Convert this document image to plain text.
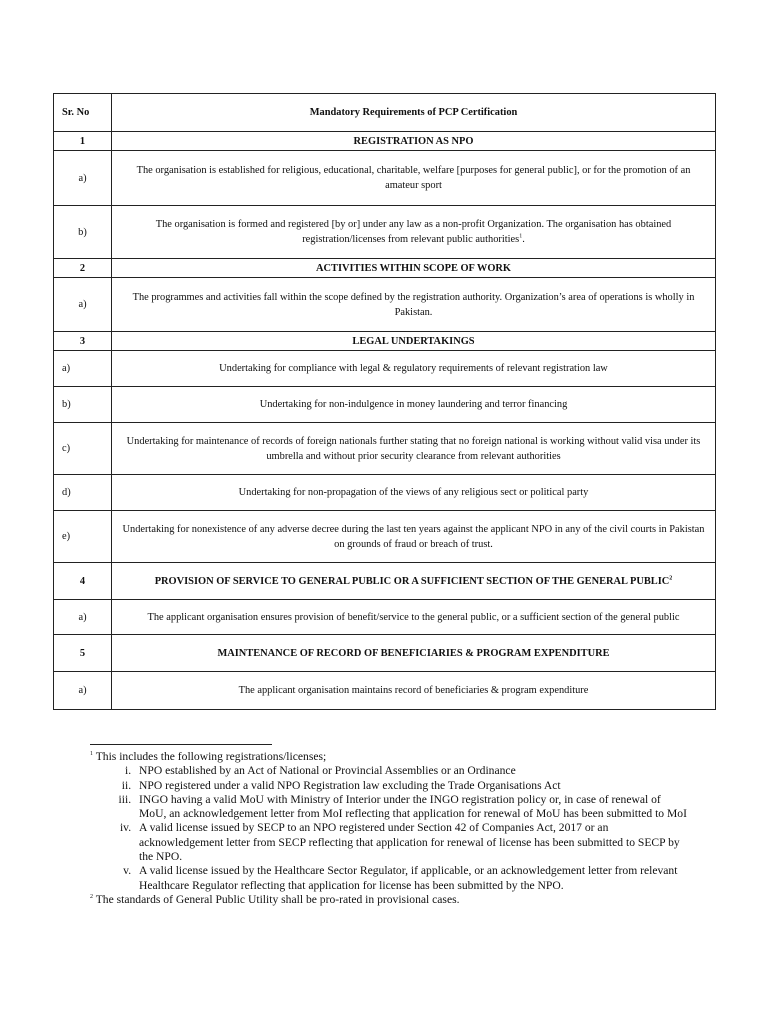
Sr. No	Mandatory Requirements of PCP Certification
1	REGISTRATION AS NPO
a)	The organisation is established for religious, educational, charitable, welfare [purposes for general public], or for the promotion of an amateur sport
b)	The organisation is formed and registered [by or] under any law as a non-profit Organization. The organisation has obtained registration/licenses from relevant public authorities$^1$.
2	ACTIVITIES WITHIN SCOPE OF WORK
a)	The programmes and activities fall within the scope defined by the registration authority. Organization’s area of operations is wholly in Pakistan.
3	LEGAL UNDERTAKINGS
a)	Undertaking for compliance with legal & regulatory requirements of relevant registration law
b)	Undertaking for non-indulgence in money laundering and terror financing
c)	Undertaking for maintenance of records of foreign nationals further stating that no foreign national is working without valid visa under its umbrella and without prior security clearance from relevant authorities
d)	Undertaking for non-propagation of the views of any religious sect or political party
e)	Undertaking for nonexistence of any adverse decree during the last ten years against the applicant NPO in any of the civil courts in Pakistan on grounds of fraud or breach of trust.
4	PROVISION OF SERVICE TO GENERAL PUBLIC OR A SUFFICIENT SECTION OF THE GENERAL PUBLIC$^2$
a)	The applicant organisation ensures provision of benefit/service to the general public, or a sufficient section of the general public
5	MAINTENANCE OF RECORD OF BENEFICIARIES & PROGRAM EXPENDITURE
a)	The applicant organisation maintains record of beneficiaries & program expenditure

$^1$ This includes the following registrations/licenses;

i. NPO established by an Act of National or Provincial Assemblies or an Ordinance
ii. NPO registered under a valid NPO Registration law excluding the Trade Organisations Act
iii. INGO having a valid MoU with Ministry of Interior under the INGO registration policy or, in case of renewal of MoU, an acknowledgement letter from MoI reflecting that application for renewal of MoU has been submitted to MoI
iv. A valid license issued by SECP to an NPO registered under Section 42 of Companies Act, 2017 or an acknowledgement letter from SECP reflecting that application for renewal of license has been submitted to SECP by the NPO.
v. A valid license issued by the Healthcare Sector Regulator, if applicable, or an acknowledgement letter from relevant Healthcare Regulator reflecting that application for license has been submitted by the NPO.

$^2$ The standards of General Public Utility shall be pro-rated in provisional cases.
